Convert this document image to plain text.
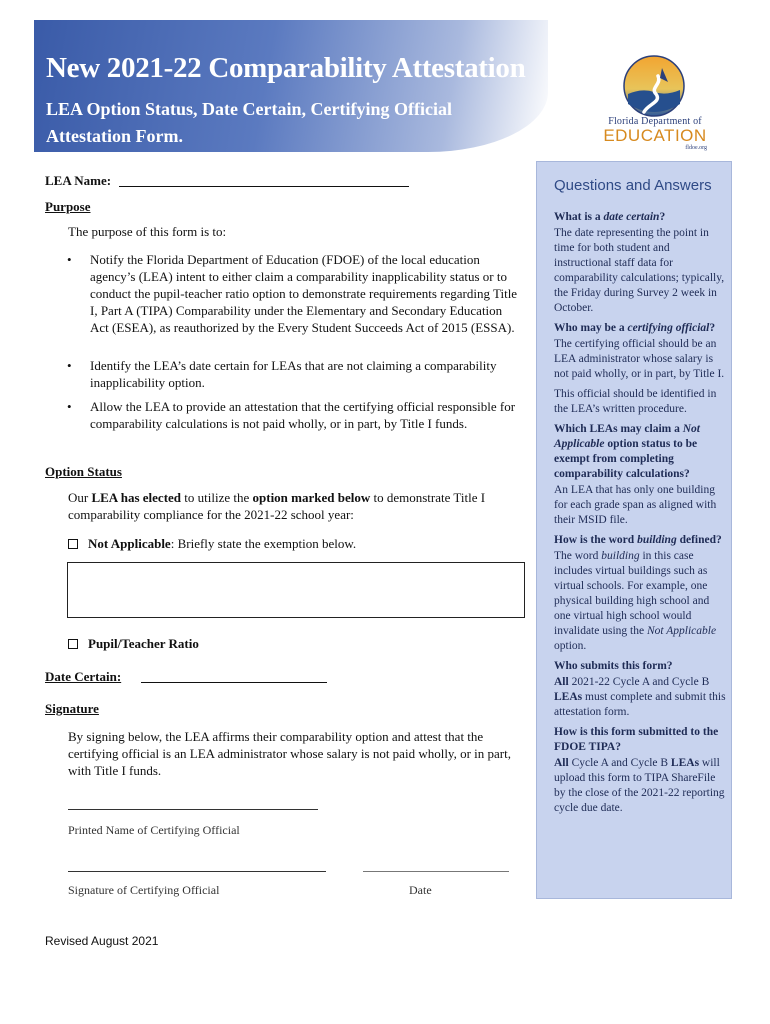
New 2021-22 Comparability Attestation
LEA Option Status, Date Certain, Certifying Official Attestation Form.
Florida Department of
EDUCATION
fldoe.org
LEA Name:
Purpose
The purpose of this form is to:
• Notify the Florida Department of Education (FDOE) of the local education agency’s (LEA) intent to either claim a comparability inapplicability status or to conduct the pupil-teacher ratio option to demonstrate requirements regarding Title I, Part A (TIPA) Comparability under the Elementary and Secondary Education Act (ESEA), as reauthorized by the Every Student Succeeds Act of 2015 (ESSA).
• Identify the LEA’s date certain for LEAs that are not claiming a comparability inapplicability option.
• Allow the LEA to provide an attestation that the certifying official responsible for comparability calculations is not paid wholly, or in part, by Title I funds.
Option Status
Our LEA has elected to utilize the option marked below to demonstrate Title I comparability compliance for the 2021-22 school year:
Not Applicable: Briefly state the exemption below.
Pupil/Teacher Ratio
Date Certain:
Signature
By signing below, the LEA affirms their comparability option and attest that the certifying official is an LEA administrator whose salary is not paid wholly, or in part, with Title I funds.
Printed Name of Certifying Official
Signature of Certifying Official	Date
Revised August 2021
Questions and Answers
What is a date certain?
The date representing the point in time for both student and instructional staff data for comparability calculations; typically, the Friday during Survey 2 week in October.
Who may be a certifying official?
The certifying official should be an LEA administrator whose salary is not paid wholly, or in part, by Title I.
This official should be identified in the LEA’s written procedure.
Which LEAs may claim a Not Applicable option status to be exempt from completing comparability calculations?
An LEA that has only one building for each grade span as aligned with their MSID file.
How is the word building defined?
The word building in this case includes virtual buildings such as virtual schools. For example, one physical building high school and one virtual high school would invalidate using the Not Applicable option.
Who submits this form?
All 2021-22 Cycle A and Cycle B LEAs must complete and submit this attestation form.
How is this form submitted to the FDOE TIPA?
All Cycle A and Cycle B LEAs will upload this form to TIPA ShareFile by the close of the 2021-22 reporting cycle due date.
